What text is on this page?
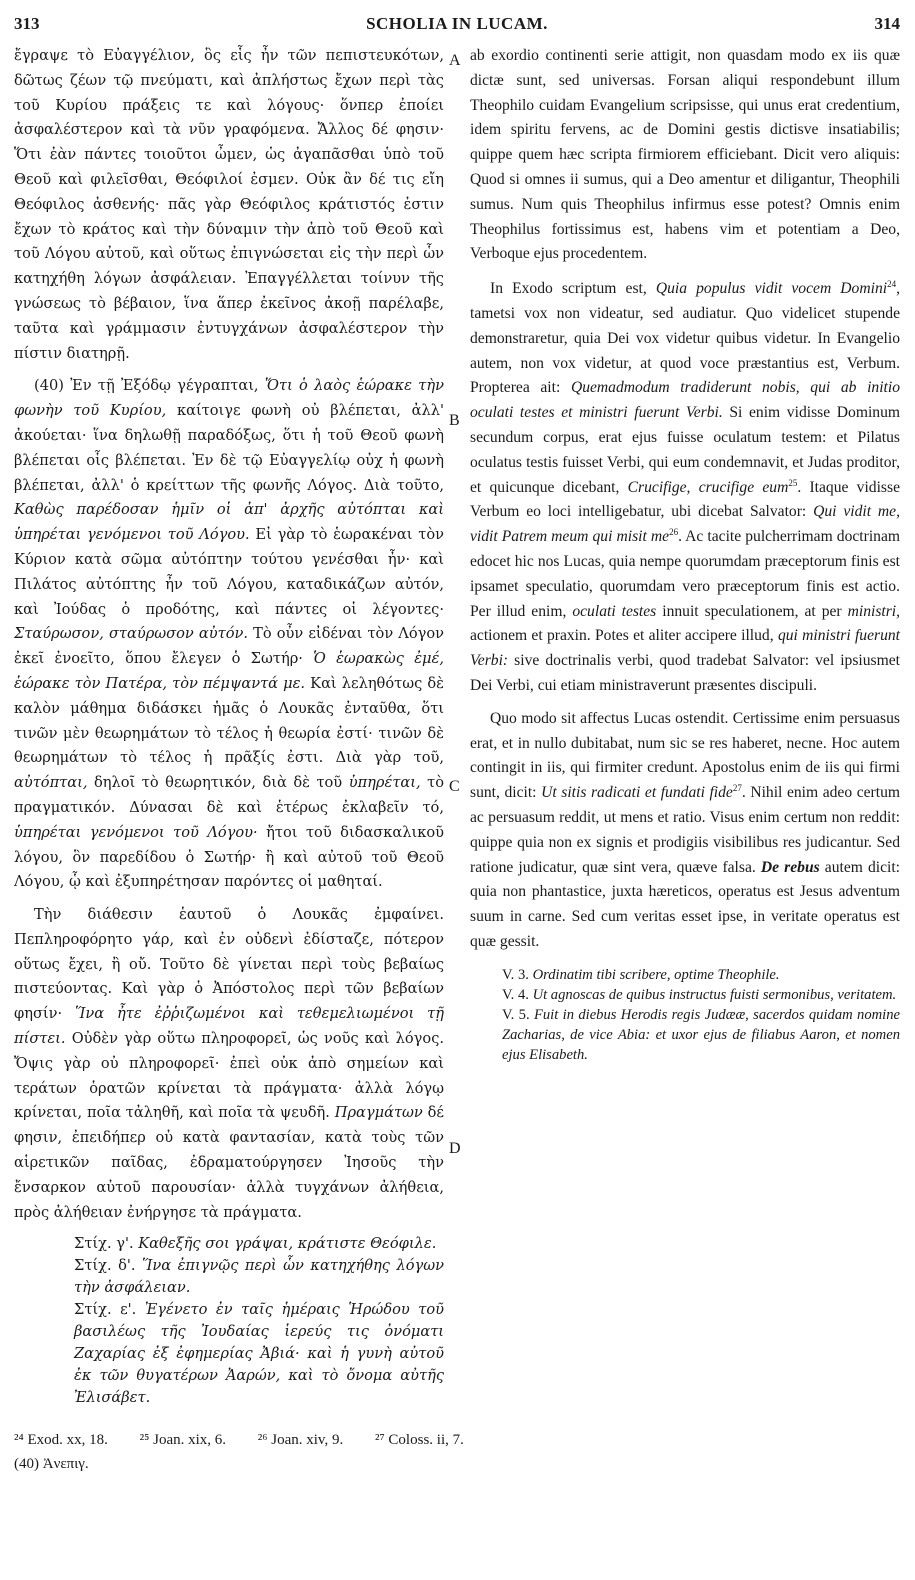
313	SCHOLIA IN LUCAM.	314

ἔγραψε τὸ Εὐαγγέλιον, ὃς εἷς ἦν τῶν πεπιστευκότων, δῶτως ζέων τῷ πνεύματι, καὶ ἀπλήστως ἔχων περὶ τὰς τοῦ Κυρίου πράξεις τε καὶ λόγους· ὅνπερ ἐποίει ἀσφαλέστερον καὶ τὰ νῦν γραφόμενα. Ἄλλος δέ φησιν· Ὅτι ἐὰν πάντες τοιοῦτοι ὦμεν, ὡς ἀγαπᾶσθαι ὑπὸ τοῦ Θεοῦ καὶ φιλεῖσθαι, Θεόφιλοί ἐσμεν. Οὐκ ἂν δέ τις εἴη Θεόφιλος ἀσθενής· πᾶς γὰρ Θεόφιλος κράτιστός ἐστιν ἔχων τὸ κράτος καὶ τὴν δύναμιν τὴν ἀπὸ τοῦ Θεοῦ καὶ τοῦ Λόγου αὐτοῦ, καὶ οὕτως ἐπιγνώσεται εἰς τὴν περὶ ὧν κατηχήθη λόγων ἀσφάλειαν. Ἐπαγγέλλεται τοίνυν τῆς γνώσεως τὸ βέβαιον, ἵνα ἅπερ ἐκεῖνος ἀκοῇ παρέλαβε, ταῦτα καὶ γράμμασιν ἐντυγχάνων ἀσφαλέστερον τὴν πίστιν διατηρῇ.

(40) Ἐν τῇ Ἐξόδῳ γέγραπται, Ὅτι ὁ λαὸς ἑώρακε τὴν φωνὴν τοῦ Κυρίου, καίτοιγε φωνὴ οὐ βλέπεται, ἀλλ' ἀκούεται· ἵνα δηλωθῇ παραδόξως, ὅτι ἡ τοῦ Θεοῦ φωνὴ βλέπεται οἷς βλέπεται. Ἐν δὲ τῷ Εὐαγγελίῳ οὐχ ἡ φωνὴ βλέπεται, ἀλλ' ὁ κρείττων τῆς φωνῆς Λόγος. Διὰ τοῦτο, Καθὼς παρέδοσαν ἡμῖν οἱ ἀπ' ἀρχῆς αὐτόπται καὶ ὑπηρέται γενόμενοι τοῦ Λόγου. Εἰ γὰρ τὸ ἑωρακέναι τὸν Κύριον κατὰ σῶμα αὐτόπτην τούτου γενέσθαι ἦν· καὶ Πιλάτος αὐτόπτης ἦν τοῦ Λόγου, καταδικάζων αὐτόν, καὶ Ἰούδας ὁ προδότης, καὶ πάντες οἱ λέγοντες· Σταύρωσον, σταύρωσον αὐτόν. Τὸ οὖν εἰδέναι τὸν Λόγον ἐκεῖ ἐνοεῖτο, ὅπου ἔλεγεν ὁ Σωτήρ· Ὁ ἑωρακὼς ἐμέ, ἑώρακε τὸν Πατέρα, τὸν πέμψαντά με. Καὶ λεληθότως δὲ καλὸν μάθημα διδάσκει ἡμᾶς ὁ Λουκᾶς ἐνταῦθα, ὅτι τινῶν μὲν θεωρημάτων τὸ τέλος ἡ θεωρία ἐστί· τινῶν δὲ θεωρημάτων τὸ τέλος ἡ πρᾶξίς ἐστι. Διὰ γὰρ τοῦ, αὐτόπται, δηλοῖ τὸ θεωρητικόν, διὰ δὲ τοῦ ὑπηρέται, τὸ πραγματικόν. Δύνασαι δὲ καὶ ἑτέρως ἐκλαβεῖν τό, ὑπηρέται γενόμενοι τοῦ Λόγου· ἤτοι τοῦ διδασκαλικοῦ λόγου, ὃν παρεδίδου ὁ Σωτήρ· ἢ καὶ αὐτοῦ τοῦ Θεοῦ Λόγου, ᾧ καὶ ἐξυπηρέτησαν παρόντες οἱ μαθηταί.

Τὴν διάθεσιν ἑαυτοῦ ὁ Λουκᾶς ἐμφαίνει. Πεπληροφόρητο γάρ, καὶ ἐν οὐδενὶ ἐδίσταζε, πότερον οὕτως ἔχει, ἢ οὔ. Τοῦτο δὲ γίνεται περὶ τοὺς βεβαίως πιστεύοντας. Καὶ γὰρ ὁ Ἀπόστολος περὶ τῶν βεβαίων φησίν· Ἵνα ἦτε ἐῤῥιζωμένοι καὶ τεθεμελιωμένοι τῇ πίστει. Οὐδὲν γὰρ οὕτω πληροφορεῖ, ὡς νοῦς καὶ λόγος. Ὄψις γὰρ οὐ πληροφορεῖ· ἐπεὶ οὐκ ἀπὸ σημείων καὶ τεράτων ὁρατῶν κρίνεται τὰ πράγματα· ἀλλὰ λόγῳ κρίνεται, ποῖα τἀληθῆ, καὶ ποῖα τὰ ψευδῆ. Πραγμάτων δέ φησιν, ἐπειδήπερ οὐ κατὰ φαντασίαν, κατὰ τοὺς τῶν αἱρετικῶν παῖδας, ἐδραματούργησεν Ἰησοῦς τὴν ἔνσαρκον αὐτοῦ παρουσίαν· ἀλλὰ τυγχάνων ἀλήθεια, πρὸς ἀλήθειαν ἐνήργησε τὰ πράγματα.

Στίχ. γ'. Καθεξῆς σοι γράψαι, κράτιστε Θεόφιλε.

Στίχ. δ'. Ἵνα ἐπιγνῷς περὶ ὧν κατηχήθης λόγων τὴν ἀσφάλειαν.

Στίχ. ε'. Ἐγένετο ἐν ταῖς ἡμέραις Ἡρώδου τοῦ βασιλέως τῆς Ἰουδαίας ἱερεύς τις ὀνόματι Ζαχαρίας ἐξ ἐφημερίας Ἀβιά· καὶ ἡ γυνὴ αὐτοῦ ἐκ τῶν θυγατέρων Ἀαρών, καὶ τὸ ὄνομα αὐτῆς Ἐλισάβετ.

A
B
C
D

ab exordio continenti serie attigit, non quasdam modo ex iis quæ dictæ sunt, sed universas. Forsan aliqui respondebunt illum Theophilo cuidam Evangelium scripsisse, qui unus erat credentium, idem spiritu fervens, ac de Domini gestis dictisve insatiabilis; quippe quem hæc scripta firmiorem efficiebant. Dicit vero aliquis: Quod si omnes ii sumus, qui a Deo amentur et diligantur, Theophili sumus. Num quis Theophilus infirmus esse potest? Omnis enim Theophilus fortissimus est, habens vim et potentiam a Deo, Verboque ejus procedentem.

In Exodo scriptum est, Quia populus vidit vocem Domini$^{24}$, tametsi vox non videatur, sed audiatur. Quo videlicet stupende demonstraretur, quia Dei vox videtur quibus videtur. In Evangelio autem, non vox videtur, at quod voce præstantius est, Verbum. Propterea ait: Quemadmodum tradiderunt nobis, qui ab initio oculati testes et ministri fuerunt Verbi. Si enim vidisse Dominum secundum corpus, erat ejus fuisse oculatum testem: et Pilatus oculatus testis fuisset Verbi, qui eum condemnavit, et Judas proditor, et quicunque dicebant, Crucifige, crucifige eum$^{25}$. Itaque vidisse Verbum eo loci intelligebatur, ubi dicebat Salvator: Qui vidit me, vidit Patrem meum qui misit $me^{26}$. Ac tacite pulcherrimam doctrinam edocet hic nos Lucas, quia nempe quorumdam præceptorum finis est ipsamet speculatio, quorumdam vero præceptorum finis est actio. Per illud enim, oculati testes innuit speculationem, at per ministri, actionem et praxin. Potes et aliter accipere illud, qui ministri fuerunt Verbi: sive doctrinalis verbi, quod tradebat Salvator: vel ipsiusmet Dei Verbi, cui etiam ministraverunt præsentes discipuli.

Quo modo sit affectus Lucas ostendit. Certissime enim persuasus erat, et in nullo dubitabat, num sic se res haberet, necne. Hoc autem contingit in iis, qui firmiter credunt. Apostolus enim de iis qui firmi sunt, dicit: Ut sitis radicati et fundati fide$^{27}$. Nihil enim adeo certum ac persuasum reddit, ut mens et ratio. Visus enim certum non reddit: quippe quia non ex signis et prodigiis visibilibus res judicantur. Sed ratione judicatur, quæ sint vera, quæve falsa. De rebus autem dicit: quia non phantastice, juxta hæreticos, operatus est Jesus adventum suum in carne. Sed cum veritas esset ipse, in veritate operatus est quæ gessit.

V. 3. Ordinatim tibi scribere, optime Theophile.

V. 4. Ut agnoscas de quibus instructus fuisti sermonibus, veritatem.

V. 5. Fuit in diebus Herodis regis Judææ, sacerdos quidam nomine Zacharias, de vice Abia: et uxor ejus de filiabus Aaron, et nomen ejus Elisabeth.

²⁴ Exod. xx, 18. ²⁵ Joan. xix, 6. ²⁶ Joan. xiv, 9. ²⁷ Coloss. ii, 7.
(40) Ἀνεπιγ.
